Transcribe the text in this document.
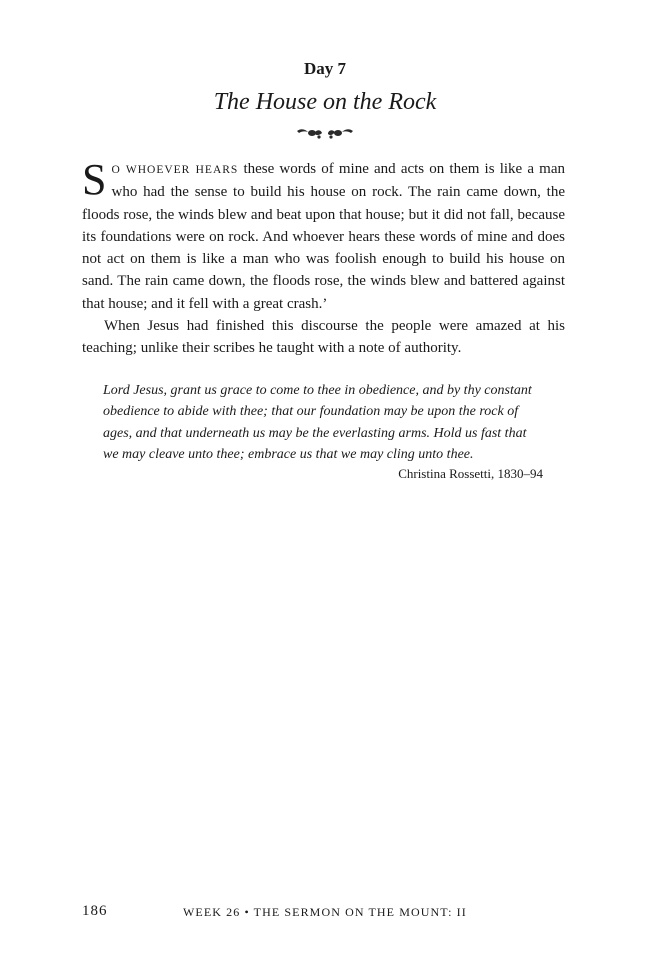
Day 7
The House on the Rock

S O WHOEVER HEARS these words of mine and acts on them is like a man who had the sense to build his house on rock. The rain came down, the floods rose, the winds blew and beat upon that house; but it did not fall, because its foundations were on rock. And whoever hears these words of mine and does not act on them is like a man who was foolish enough to build his house on sand. The rain came down, the floods rose, the winds blew and battered against that house; and it fell with a great crash.’

When Jesus had finished this discourse the people were amazed at his teaching; unlike their scribes he taught with a note of authority.

Lord Jesus, grant us grace to come to thee in obedience, and by thy constant obedience to abide with thee; that our foundation may be upon the rock of ages, and that underneath us may be the everlasting arms. Hold us fast that we may cleave unto thee; embrace us that we may cling unto thee.

Christina Rossetti, 1830–94
186	WEEK 26 • THE SERMON ON THE MOUNT: II
